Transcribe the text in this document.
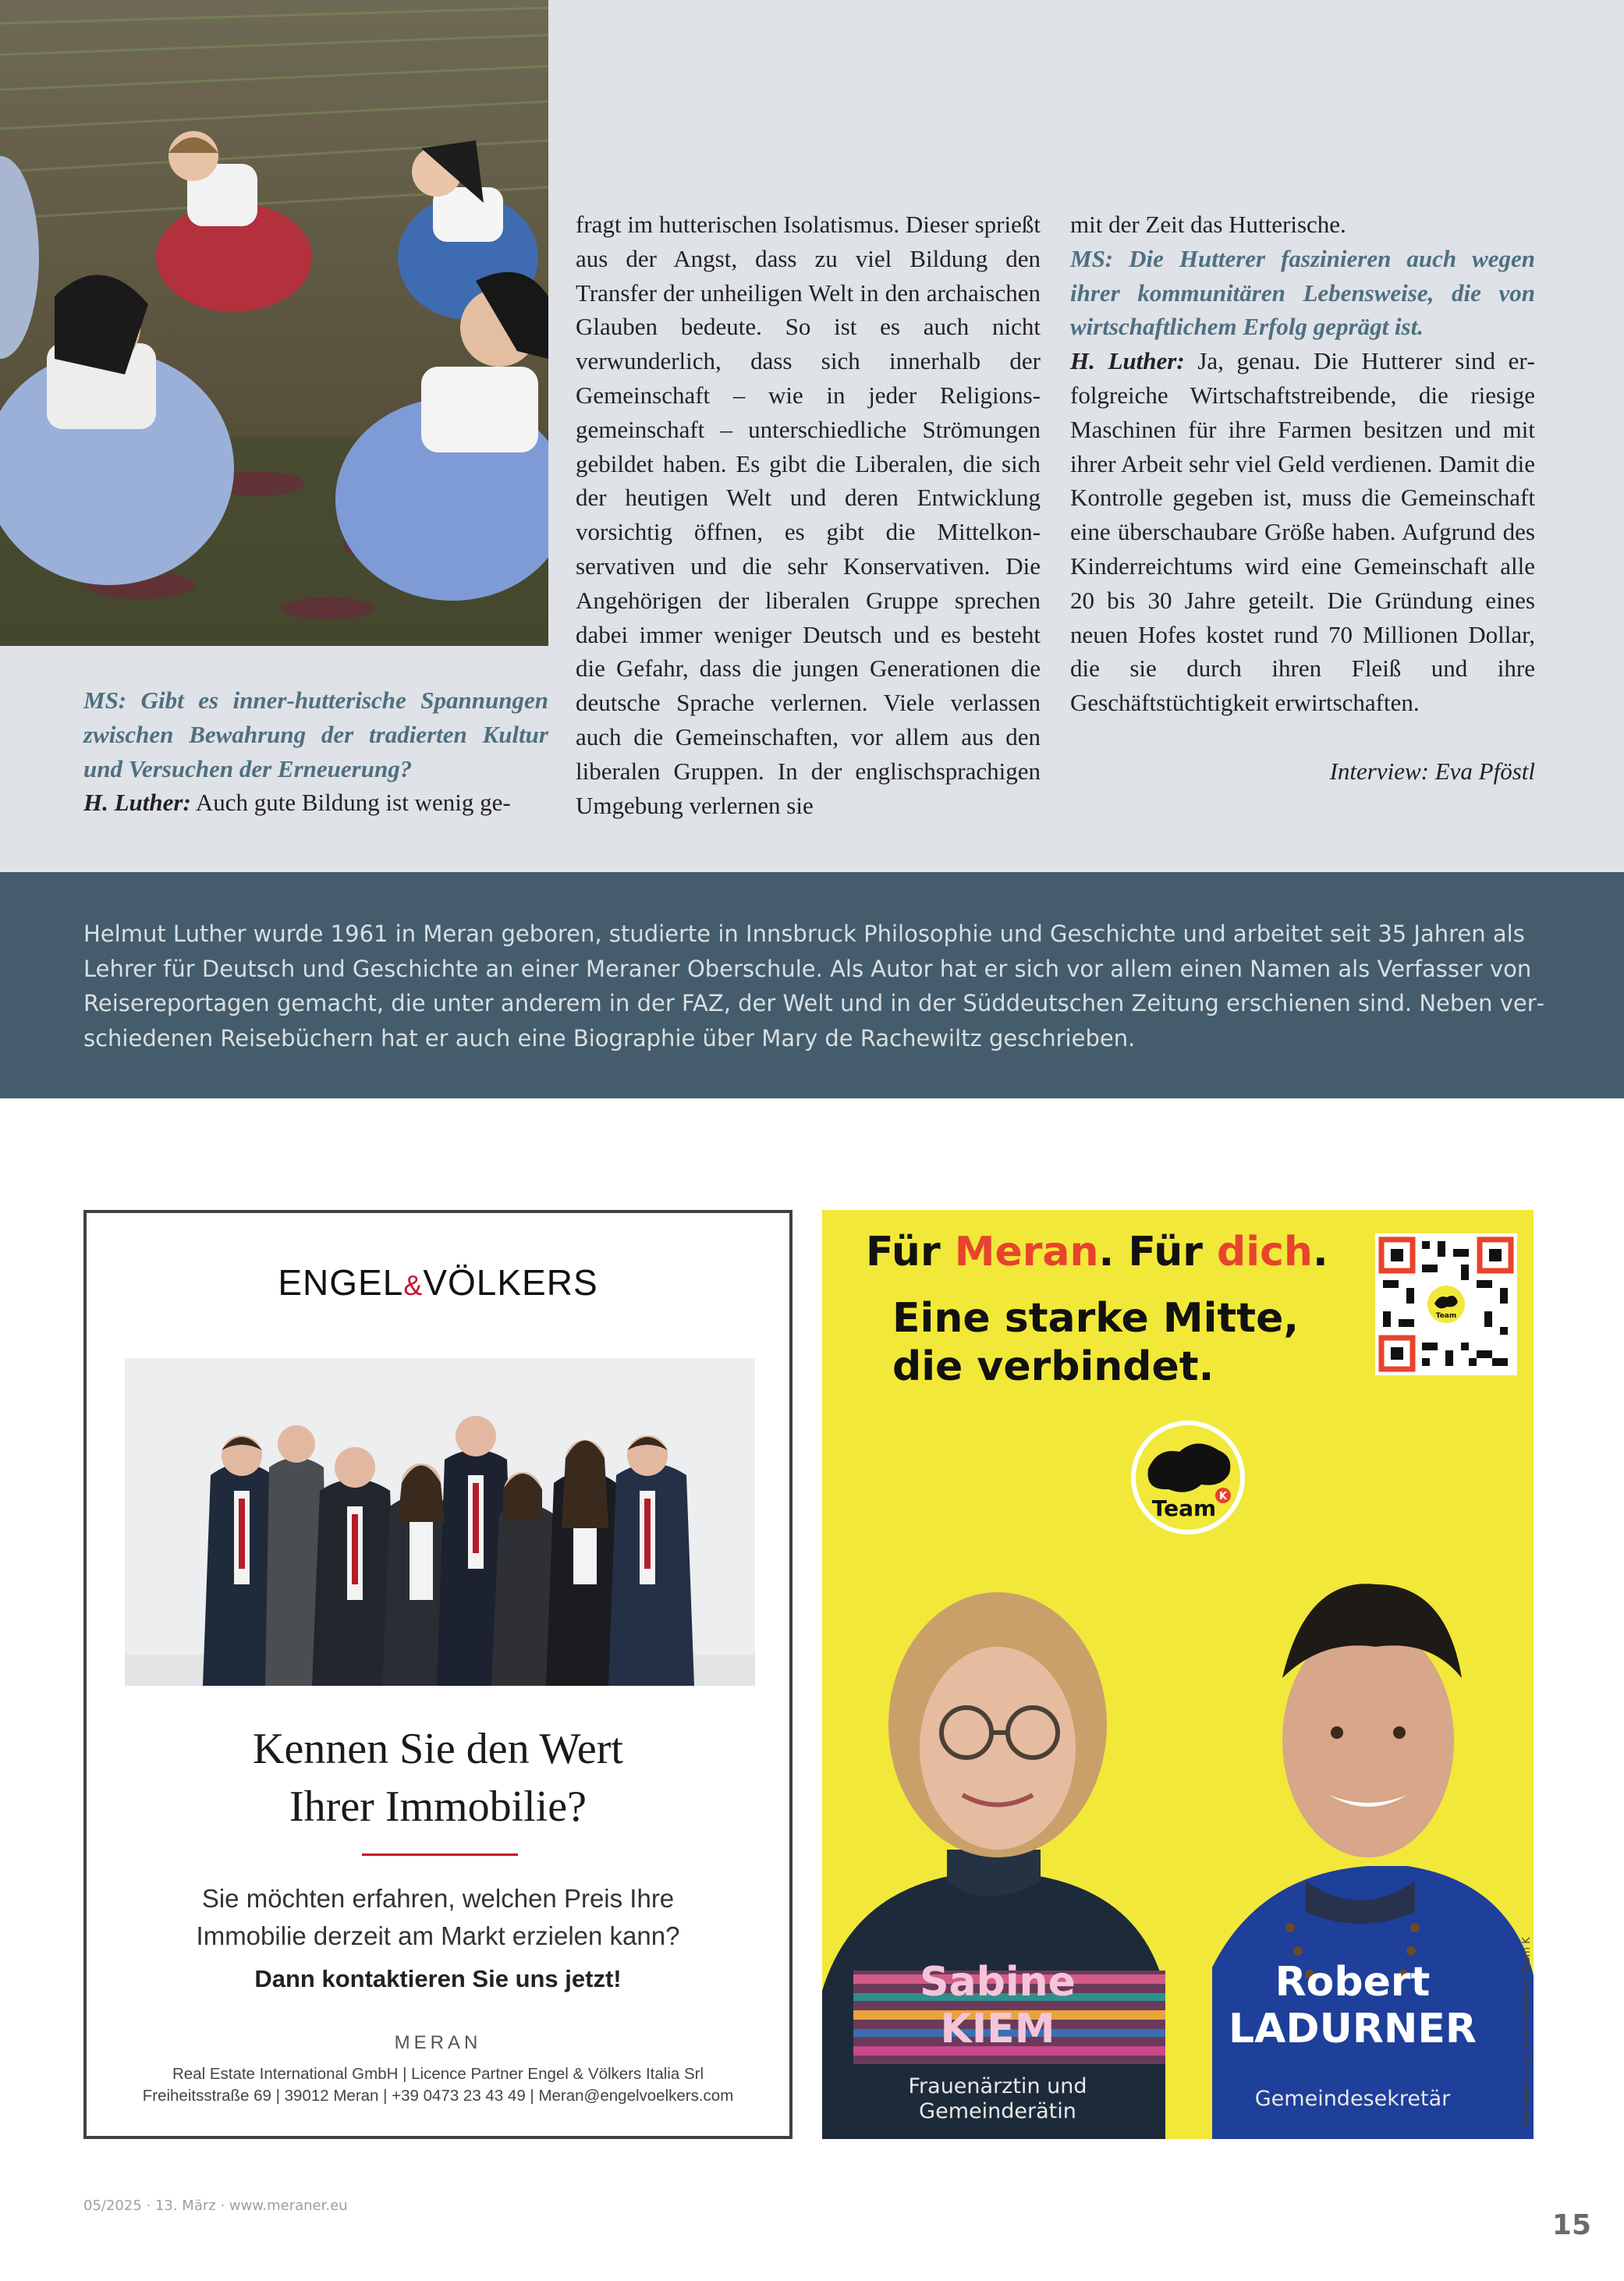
MS: Gibt es inner-hutterische Spannungen zwischen Bewahrung der tradierten Kultur und Versuchen der Erneuerung?

H. Luther: Auch gute Bildung ist wenig ge-

fragt im hutterischen Isolatismus. Dieser sprießt aus der Angst, dass zu viel Bildung den Transfer der unheiligen Welt in den archaischen Glauben bedeute. So ist es auch nicht verwunderlich, dass sich innerhalb der Gemeinschaft – wie in jeder Religionsgemeinschaft – unterschiedliche Strömungen gebildet haben. Es gibt die Liberalen, die sich der heutigen Welt und deren Entwicklung vorsichtig öffnen, es gibt die Mittelkonservativen und die sehr Konservativen. Die Angehörigen der liberalen Gruppe sprechen dabei immer weniger Deutsch und es besteht die Gefahr, dass die jungen Generationen die deutsche Sprache verlernen. Viele verlassen auch die Gemeinschaften, vor allem aus den liberalen Gruppen. In der englischsprachigen Umgebung verlernen sie

mit der Zeit das Hutterische.

MS: Die Hutterer faszinieren auch wegen ihrer kommunitären Lebensweise, die von wirtschaftlichem Erfolg geprägt ist.

H. Luther: Ja, genau. Die Hutterer sind erfolgreiche Wirtschaftstreibende, die riesige Maschinen für ihre Farmen besitzen und mit ihrer Arbeit sehr viel Geld verdienen. Damit die Kontrolle gegeben ist, muss die Gemeinschaft eine überschaubare Größe haben. Aufgrund des Kinderreichtums wird eine Gemeinschaft alle 20 bis 30 Jahre geteilt. Die Gründung eines neuen Hofes kostet rund 70 Millionen Dollar, die sie durch ihren Fleiß und ihre Geschäftstüchtigkeit erwirtschaften.

Interview: Eva Pföstl

Helmut Luther wurde 1961 in Meran geboren, studierte in Innsbruck Philosophie und Geschichte und arbeitet seit 35 Jahren als Lehrer für Deutsch und Geschichte an einer Meraner Oberschule. Als Autor hat er sich vor allem einen Namen als Verfasser von Reisereportagen gemacht, die unter anderem in der FAZ, der Welt und in der Süddeutschen Zeitung erschienen sind. Neben verschiedenen Reisebüchern hat er auch eine Biographie über Mary de Rachewiltz geschrieben.

ENGEL&VÖLKERS

Kennen Sie den Wert
Ihrer Immobilie?

Sie möchten erfahren, welchen Preis Ihre
Immobilie derzeit am Markt erzielen kann?

Dann kontaktieren Sie uns jetzt!
MERAN

Real Estate International GmbH | Licence Partner Engel & Völkers Italia Srl
Freiheitsstraße 69 | 39012 Meran | +39 0473 23 43 49 | Meran@engelvoelkers.com

Für Meran. Für dich.

Eine starke Mitte,
die verbindet.

Team
Team K

Sabine
KIEM

Frauenärztin und
Gemeinderätin

Robert
LADURNER

Gemeindesekretär	Wahlwerbung | Auftraggeber: Team K
05/2025 · 13. März · www.meraner.eu
15
